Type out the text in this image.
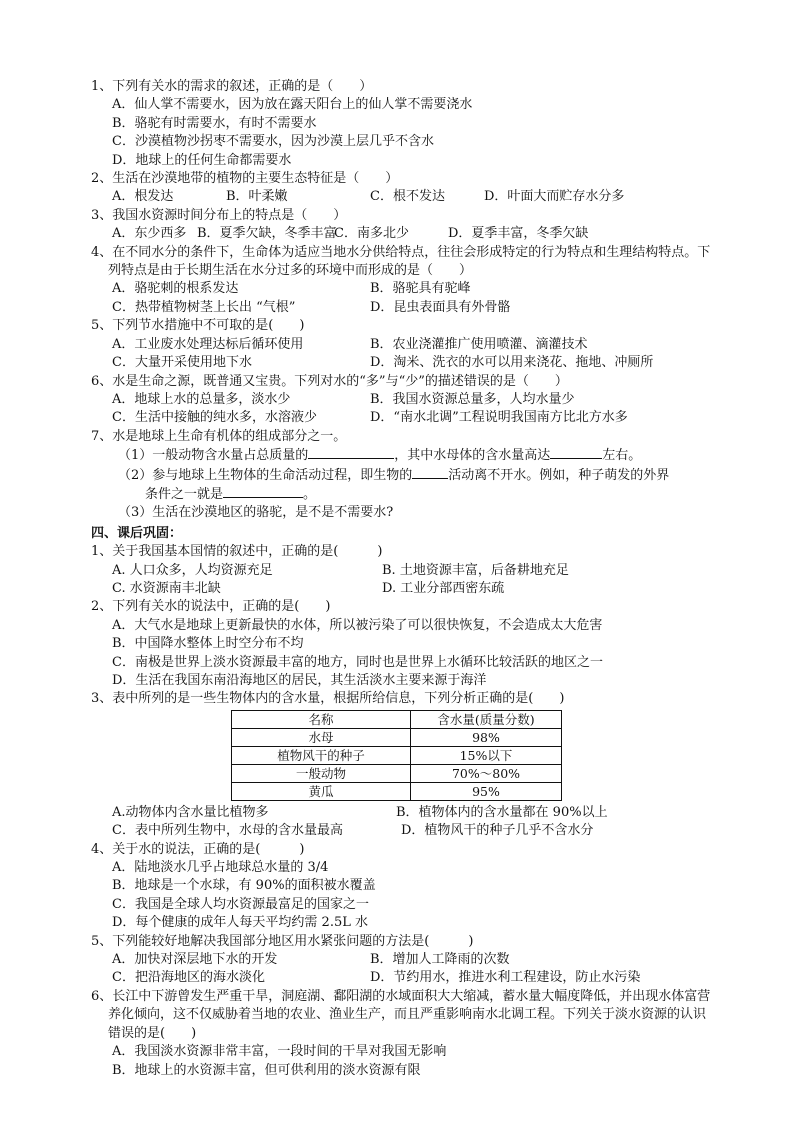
1、下列有关水的需求的叙述，正确的是（　　）
A．仙人掌不需要水，因为放在露天阳台上的仙人掌不需要浇水
B．骆驼有时需要水，有时不需要水
C．沙漠植物沙拐枣不需要水，因为沙漠上层几乎不含水
D．地球上的任何生命都需要水
2、生活在沙漠地带的植物的主要生态特征是（　　）
A．根发达	B．叶柔嫩	C．根不发达	D．叶面大而贮存水分多
3、我国水资源时间分布上的特点是（　　）
A．东少西多 B．夏季欠缺，冬季丰富
C．南多北少	D．夏季丰富，冬季欠缺
4、在不同水分的条件下，生命体为适应当地水分供给特点，往往会形成特定的行为特点和生理结构特点。下列特点是由于长期生活在水分过多的环境中而形成的是（　　）
A．骆驼刺的根系发达	B．骆驼具有驼峰
C．热带植物树茎上长出 “气根”	D．昆虫表面具有外骨骼
5、下列节水措施中不可取的是(　　)
A．工业废水处理达标后循环使用	B．农业浇灌推广使用喷灌、滴灌技术
C．大量开采使用地下水	D．淘米、洗衣的水可以用来浇花、拖地、冲厕所
6、水是生命之源，既普通又宝贵。下列对水的“多”与“少”的描述错误的是（　　）
A．地球上水的总量多，淡水少	B．我国水资源总量多，人均水量少
C．生活中接触的纯水多，水溶液少	D．“南水北调”工程说明我国南方比北方水多
7、水是地球上生命有机体的组成部分之一。
（1）一般动物含水量占总质量的	，其中水母体的含水量高达	左右。
（2）参与地球上生物体的生命活动过程，即生物的	活动离不开水。例如，种子萌发的外界
条件之一就是	。
（3）生活在沙漠地区的骆驼，是不是不需要水?
四、课后巩固：
1、关于我国基本国情的叙述中，正确的是(　　　)
A. 人口众多，人均资源充足	B. 土地资源丰富，后备耕地充足
C. 水资源南丰北缺	D. 工业分部西密东疏
2、下列有关水的说法中，正确的是(　　)
A．大气水是地球上更新最快的水体，所以被污染了可以很快恢复，不会造成太大危害
B．中国降水整体上时空分布不均
C．南极是世界上淡水资源最丰富的地方，同时也是世界上水循环比较活跃的地区之一
D．生活在我国东南沿海地区的居民，其生活淡水主要来源于海洋
3、表中所列的是一些生物体内的含水量，根据所给信息，下列分析正确的是(　　)
名称	含水量(质量分数)
水母	98%
植物风干的种子	15%以下
一般动物	70%～80%
黄瓜	95%
A.动物体内含水量比植物多	B．植物体内的含水量都在 90%以上
C．表中所列生物中，水母的含水量最高	D．植物风干的种子几乎不含水分
4、关于水的说法，正确的是(　　　)
A．陆地淡水几乎占地球总水量的 3/4
B．地球是一个水球，有 90%的面积被水覆盖
C．我国是全球人均水资源最富足的国家之一
D．每个健康的成年人每天平均约需 2.5L 水
5、下列能较好地解决我国部分地区用水紧张问题的方法是(　　　)
A．加快对深层地下水的开发	B．增加人工降雨的次数
C．把沿海地区的海水淡化	D．节约用水，推进水利工程建设，防止水污染
6、长江中下游曾发生严重干旱，洞庭湖、鄱阳湖的水域面积大大缩减，蓄水量大幅度降低，并出现水体富营养化倾向，这不仅威胁着当地的农业、渔业生产，而且严重影响南水北调工程。下列关于淡水资源的认识错误的是(　　)
A．我国淡水资源非常丰富，一段时间的干旱对我国无影响
B．地球上的水资源丰富，但可供利用的淡水资源有限
